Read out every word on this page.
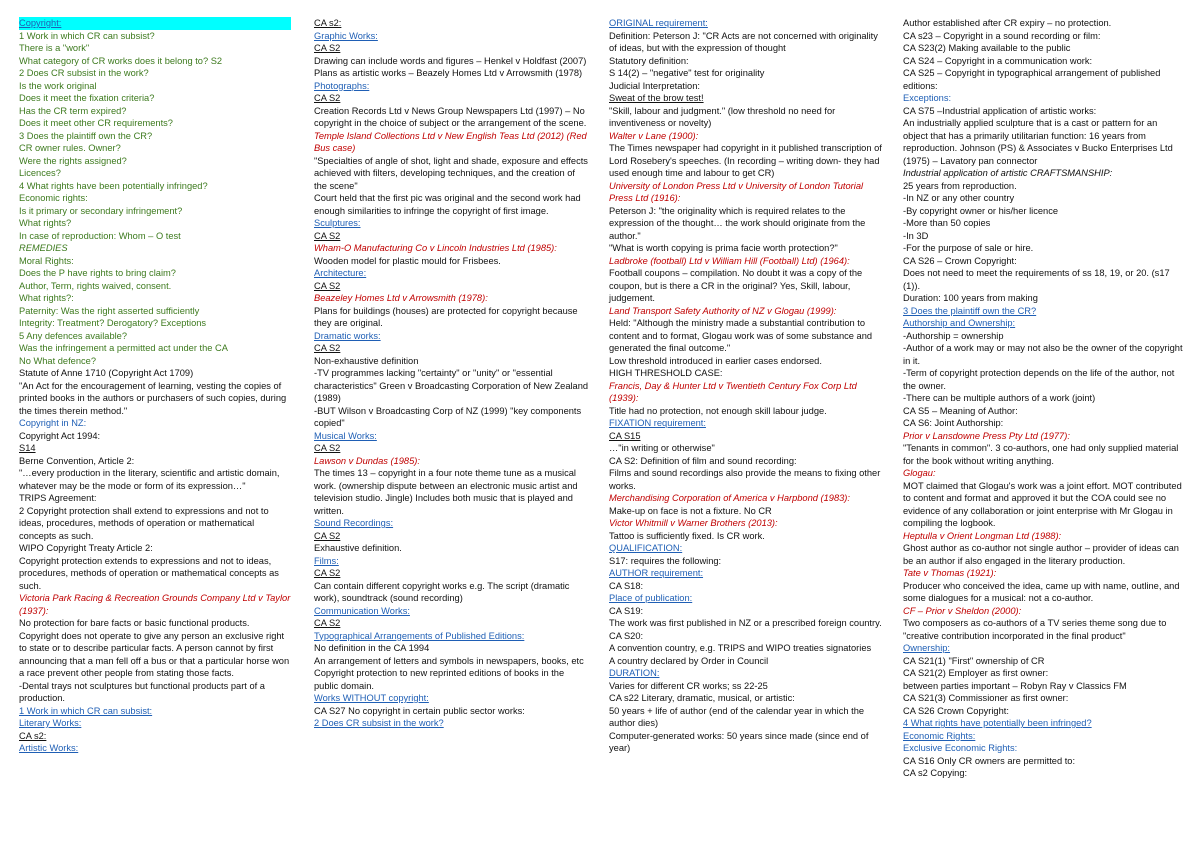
Copyright:

1 Work in which CR can subsist?

There is a "work"

What category of CR works does it belong to? S2

2 Does CR subsist in the work?

Is the work original

Does it meet the fixation criteria?

Has the CR term expired?

Does it meet other CR requirements?

3 Does the plaintiff own the CR?

CR owner rules. Owner?

Were the rights assigned?

Licences?

4 What rights have been potentially infringed?

Economic rights:

Is it primary or secondary infringement?

What rights?

In case of reproduction: Whom – O test

REMEDIES

Moral Rights:

Does the P have rights to bring claim?

Author, Term, rights waived, consent.

What rights?:

Paternity: Was the right asserted sufficiently

Integrity: Treatment? Derogatory? Exceptions

5 Any defences available?

Was the infringement a permitted act under the CA

No What defence?

Statute of Anne 1710 (Copyright Act 1709)

"An Act for the encouragement of learning, vesting the copies of printed books in the authors or purchasers of such copies, during the times therein method."

Copyright in NZ:

Copyright Act 1994:

S14

Berne Convention, Article 2:

"…every production in the literary, scientific and artistic domain, whatever may be the mode or form of its expression…"

TRIPS Agreement:

2 Copyright protection shall extend to expressions and not to ideas, procedures, methods of operation or mathematical concepts as such.

WIPO Copyright Treaty Article 2:

Copyright protection extends to expressions and not to ideas, procedures, methods of operation or mathematical concepts as such.

Victoria Park Racing & Recreation Grounds Company Ltd v Taylor (1937):

No protection for bare facts or basic functional products.

Copyright does not operate to give any person an exclusive right to state or to describe particular facts. A person cannot by first announcing that a man fell off a bus or that a particular horse won a race prevent other people from stating those facts.

-Dental trays not sculptures but functional products part of a production.

1 Work in which CR can subsist:

Literary Works:

CA s2:

Artistic Works:

CA s2:

Graphic Works:

CA S2

Drawing can include words and figures – Henkel v Holdfast (2007)

Plans as artistic works – Beazely Homes Ltd v Arrowsmith (1978)

Photographs:

CA S2

Creation Records Ltd v News Group Newspapers Ltd (1997) – No copyright in the choice of subject or the arrangement of the scene.

Temple Island Collections Ltd v New English Teas Ltd (2012) (Red Bus case)

"Specialties of angle of shot, light and shade, exposure and effects achieved with filters, developing techniques, and the creation of the scene"

Court held that the first pic was original and the second work had enough similarities to infringe the copyright of first image.

Sculptures:

CA S2

Wham-O Manufacturing Co v Lincoln Industries Ltd (1985):

Wooden model for plastic mould for Frisbees.

Architecture:

CA S2

Beazeley Homes Ltd v Arrowsmith (1978):

Plans for buildings (houses) are protected for copyright because they are original.

Dramatic works:

CA S2

Non-exhaustive definition

-TV programmes lacking "certainty" or "unity" or "essential characteristics" Green v Broadcasting Corporation of New Zealand (1989)

-BUT Wilson v Broadcasting Corp of NZ (1999) "key components copied"

Musical Works:

CA S2

Lawson v Dundas (1985):

The times 13 – copyright in a four note theme tune as a musical work. (ownership dispute between an electronic music artist and television studio. Jingle) Includes both music that is played and written.

Sound Recordings:

CA S2

Exhaustive definition.

Films:

CA S2

Can contain different copyright works e.g. The script (dramatic work), soundtrack (sound recording)

Communication Works:

CA S2

Typographical Arrangements of Published Editions:

No definition in the CA 1994

An arrangement of letters and symbols in newspapers, books, etc

Copyright protection to new reprinted editions of books in the public domain.

Works WITHOUT copyright:

CA S27 No copyright in certain public sector works:

2 Does CR subsist in the work?

ORIGINAL requirement:

Definition: Peterson J: "CR Acts are not concerned with originality of ideas, but with the expression of thought

Statutory definition:

S 14(2) – "negative" test for originality

Judicial Interpretation:

Sweat of the brow test!

"Skill, labour and judgment." (low threshold no need for inventiveness or novelty)

Walter v Lane (1900):

The Times newspaper had copyright in it published transcription of Lord Rosebery's speeches. (In recording – writing down- they had used enough time and labour to get CR)

University of London Press Ltd v University of London Tutorial Press Ltd (1916):

Peterson J: "the originality which is required relates to the expression of the thought… the work should originate from the author."

"What is worth copying is prima facie worth protection?"

Ladbroke (football) Ltd v William Hill (Football) Ltd) (1964):

Football coupons – compilation. No doubt it was a copy of the coupon, but is there a CR in the original? Yes, Skill, labour, judgement.

Land Transport Safety Authority of NZ v Glogau (1999):

Held: "Although the ministry made a substantial contribution to content and to format, Glogau work was of some substance and generated the final outcome."

Low threshold introduced in earlier cases endorsed.

HIGH THRESHOLD CASE:

Francis, Day & Hunter Ltd v Twentieth Century Fox Corp Ltd (1939):

Title had no protection, not enough skill labour judge.

FIXATION requirement:

CA S15

…"in writing or otherwise"

CA S2: Definition of film and sound recording:

Films and sound recordings also provide the means to fixing other works.

Merchandising Corporation of America v Harpbond (1983):

Make-up on face is not a fixture. No CR

Victor Whitmill v Warner Brothers (2013):

Tattoo is sufficiently fixed. Is CR work.

QUALIFICATION:

S17: requires the following:

AUTHOR requirement:

CA S18:

Place of publication:

CA S19:

The work was first published in NZ or a prescribed foreign country.

CA S20:

A convention country, e.g. TRIPS and WIPO treaties signatories

A country declared by Order in Council

DURATION:

Varies for different CR works; ss 22-25

CA s22 Literary, dramatic, musical, or artistic:

50 years + life of author (end of the calendar year in which the author dies)

Computer-generated works: 50 years since made (since end of year)

Author established after CR expiry – no protection.

CA s23 – Copyright in a sound recording or film:

CA S23(2) Making available to the public

CA S24 – Copyright in a communication work:

CA S25 – Copyright in typographical arrangement of published editions:

Exceptions:

CA S75 –Industrial application of artistic works:

An industrially applied sculpture that is a cast or pattern for an object that has a primarily utilitarian function: 16 years from reproduction. Johnson (PS) & Associates v Bucko Enterprises Ltd (1975) – Lavatory pan connector

Industrial application of artistic CRAFTSMANSHIP:

25 years from reproduction.

-In NZ or any other country

-By copyright owner or his/her licence

-More than 50 copies

-In 3D

-For the purpose of sale or hire.

CA S26 – Crown Copyright:

Does not need to meet the requirements of ss 18, 19, or 20. (s17 (1)).

Duration: 100 years from making

3 Does the plaintiff own the CR?

Authorship and Ownership:

-Authorship = ownership

-Author of a work may or may not also be the owner of the copyright in it.

-Term of copyright protection depends on the life of the author, not the owner.

-There can be multiple authors of a work (joint)

CA S5 – Meaning of Author:

CA S6: Joint Authorship:

Prior v Lansdowne Press Pty Ltd (1977):

"Tenants in common". 3 co-authors, one had only supplied material for the book without writing anything.

Glogau:

MOT claimed that Glogau's work was a joint effort. MOT contributed to content and format and approved it but the COA could see no evidence of any collaboration or joint enterprise with Mr Glogau in compiling the logbook.

Heptulla v Orient Longman Ltd (1988):

Ghost author as co-author not single author – provider of ideas can be an author if also engaged in the literary production.

Tate v Thomas (1921):

Producer who conceived the idea, came up with name, outline, and some dialogues for a musical: not a co-author.

CF – Prior v Sheldon (2000):

Two composers as co-authors of a TV series theme song due to "creative contribution incorporated in the final product"

Ownership:

CA S21(1) "First" ownership of CR

CA S21(2) Employer as first owner:

between parties important – Robyn Ray v Classics FM

CA S21(3) Commissioner as first owner:

CA S26 Crown Copyright:

4 What rights have potentially been infringed?

Economic Rights:

Exclusive Economic Rights:

CA S16 Only CR owners are permitted to:

CA s2 Copying:
